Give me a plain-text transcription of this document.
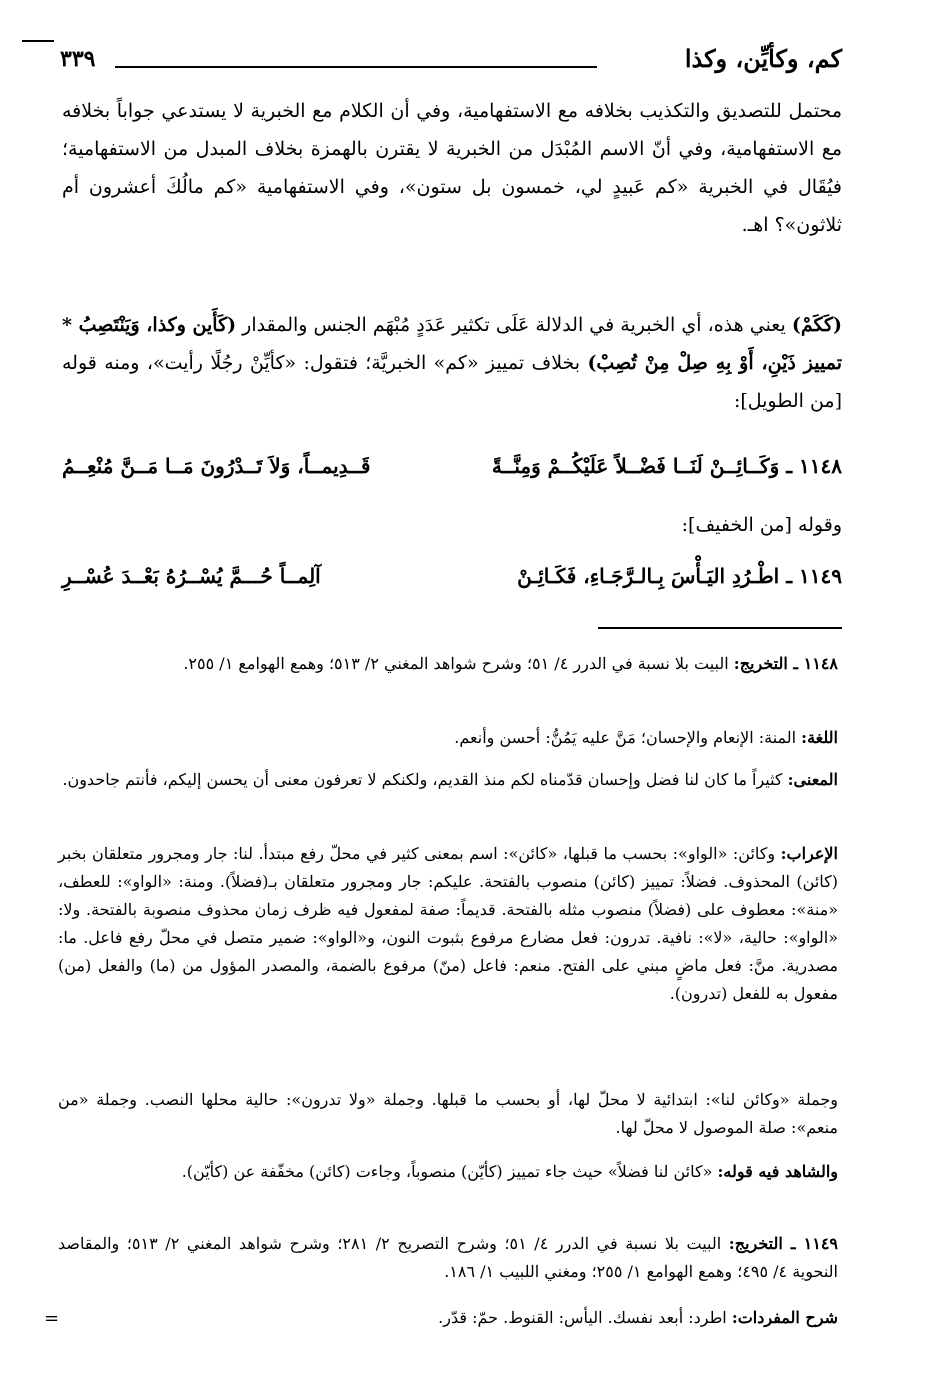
كم، وكأيِّن، وكذا
٣٣٩
محتمل للتصديق والتكذيب بخلافه مع الاستفهامية، وفي أن الكلام مع الخبرية لا يستدعي جواباً بخلافه مع الاستفهامية، وفي أنّ الاسم المُبْدَل من الخبرية لا يقترن بالهمزة بخلاف المبدل من الاستفهامية؛ فيُقَال في الخبرية «كم عَبيدٍ لي، خمسون بل ستون»، وفي الاستفهامية «كم مالُكَ أعشرون أم ثلاثون»؟ اهـ.
(كَكَمْ) يعني هذه، أي الخبرية في الدلالة عَلَى تكثير عَدَدٍ مُبْهَم الجنس والمقدار (كَأَين وكذا، وَيَنْتَصِبُ * تمييز ذَيْنِ، أَوْ بِهِ صِلْ مِنْ تُصِبْ) بخلاف تمييز «كم» الخبريَّة؛ فتقول: «كأيِّنْ رجُلًا رأيت»، ومنه قوله [من الطويل]:
١١٤٨ ـ وَكَــائِــنْ لَنَــا فَضْــلاً عَلَيْكُــمْ وَمِنَّــةً
قَــدِيمــاً، وَلاَ تَــدْرُونَ مَــا مَــنَّ مُنْعِــمُ
وقوله [من الخفيف]:
١١٤٩ ـ اطْـرُدِ اليَـأْسَ بِـالـرَّجَـاءِ، فَكَـائِـنْ
آلِمــاً حُـــمَّ يُسْــرُهُ بَعْــدَ عُسْــرِ
١١٤٨ ـ التخريج: البيت بلا نسبة في الدرر ٤/ ٥١؛ وشرح شواهد المغني ٢/ ٥١٣؛ وهمع الهوامع ١/ ٢٥٥.
اللغة: المنة: الإنعام والإحسان؛ مَنَّ عليه يَمُنُّ: أحسن وأنعم.
المعنى: كثيراً ما كان لنا فضل وإحسان قدّمناه لكم منذ القديم، ولكنكم لا تعرفون معنى أن يحسن إليكم، فأنتم جاحدون.
الإعراب: وكائن: «الواو»: بحسب ما قبلها، «كائن»: اسم بمعنى كثير في محلّ رفع مبتدأ. لنا: جار ومجرور متعلقان بخبر (كائن) المحذوف. فضلاً: تمييز (كائن) منصوب بالفتحة. عليكم: جار ومجرور متعلقان بـ(فضلاً). ومنة: «الواو»: للعطف، «منة»: معطوف على (فضلاً) منصوب مثله بالفتحة. قديماً: صفة لمفعول فيه ظرف زمان محذوف منصوبة بالفتحة. ولا: «الواو»: حالية، «لا»: نافية. تدرون: فعل مضارع مرفوع بثبوت النون، و«الواو»: ضمير متصل في محلّ رفع فاعل. ما: مصدرية. منَّ: فعل ماضٍ مبني على الفتح. منعم: فاعل (منّ) مرفوع بالضمة، والمصدر المؤول من (ما) والفعل (من) مفعول به للفعل (تدرون).
وجملة «وكائن لنا»: ابتدائية لا محلّ لها، أو بحسب ما قبلها. وجملة «ولا تدرون»: حالية محلها النصب. وجملة «من منعم»: صلة الموصول لا محلّ لها.
والشاهد فيه قوله: «كائن لنا فضلاً» حيث جاء تمييز (كأيّن) منصوباً، وجاءت (كائن) مخفّفة عن (كأيّن).
١١٤٩ ـ التخريج: البيت بلا نسبة في الدرر ٤/ ٥١؛ وشرح التصريح ٢/ ٢٨١؛ وشرح شواهد المغني ٢/ ٥١٣؛ والمقاصد النحوية ٤/ ٤٩٥؛ وهمع الهوامع ١/ ٢٥٥؛ ومغني اللبيب ١/ ١٨٦.
شرح المفردات: اطرد: أبعد نفسك. اليأس: القنوط. حمّ: قدّر.
=
